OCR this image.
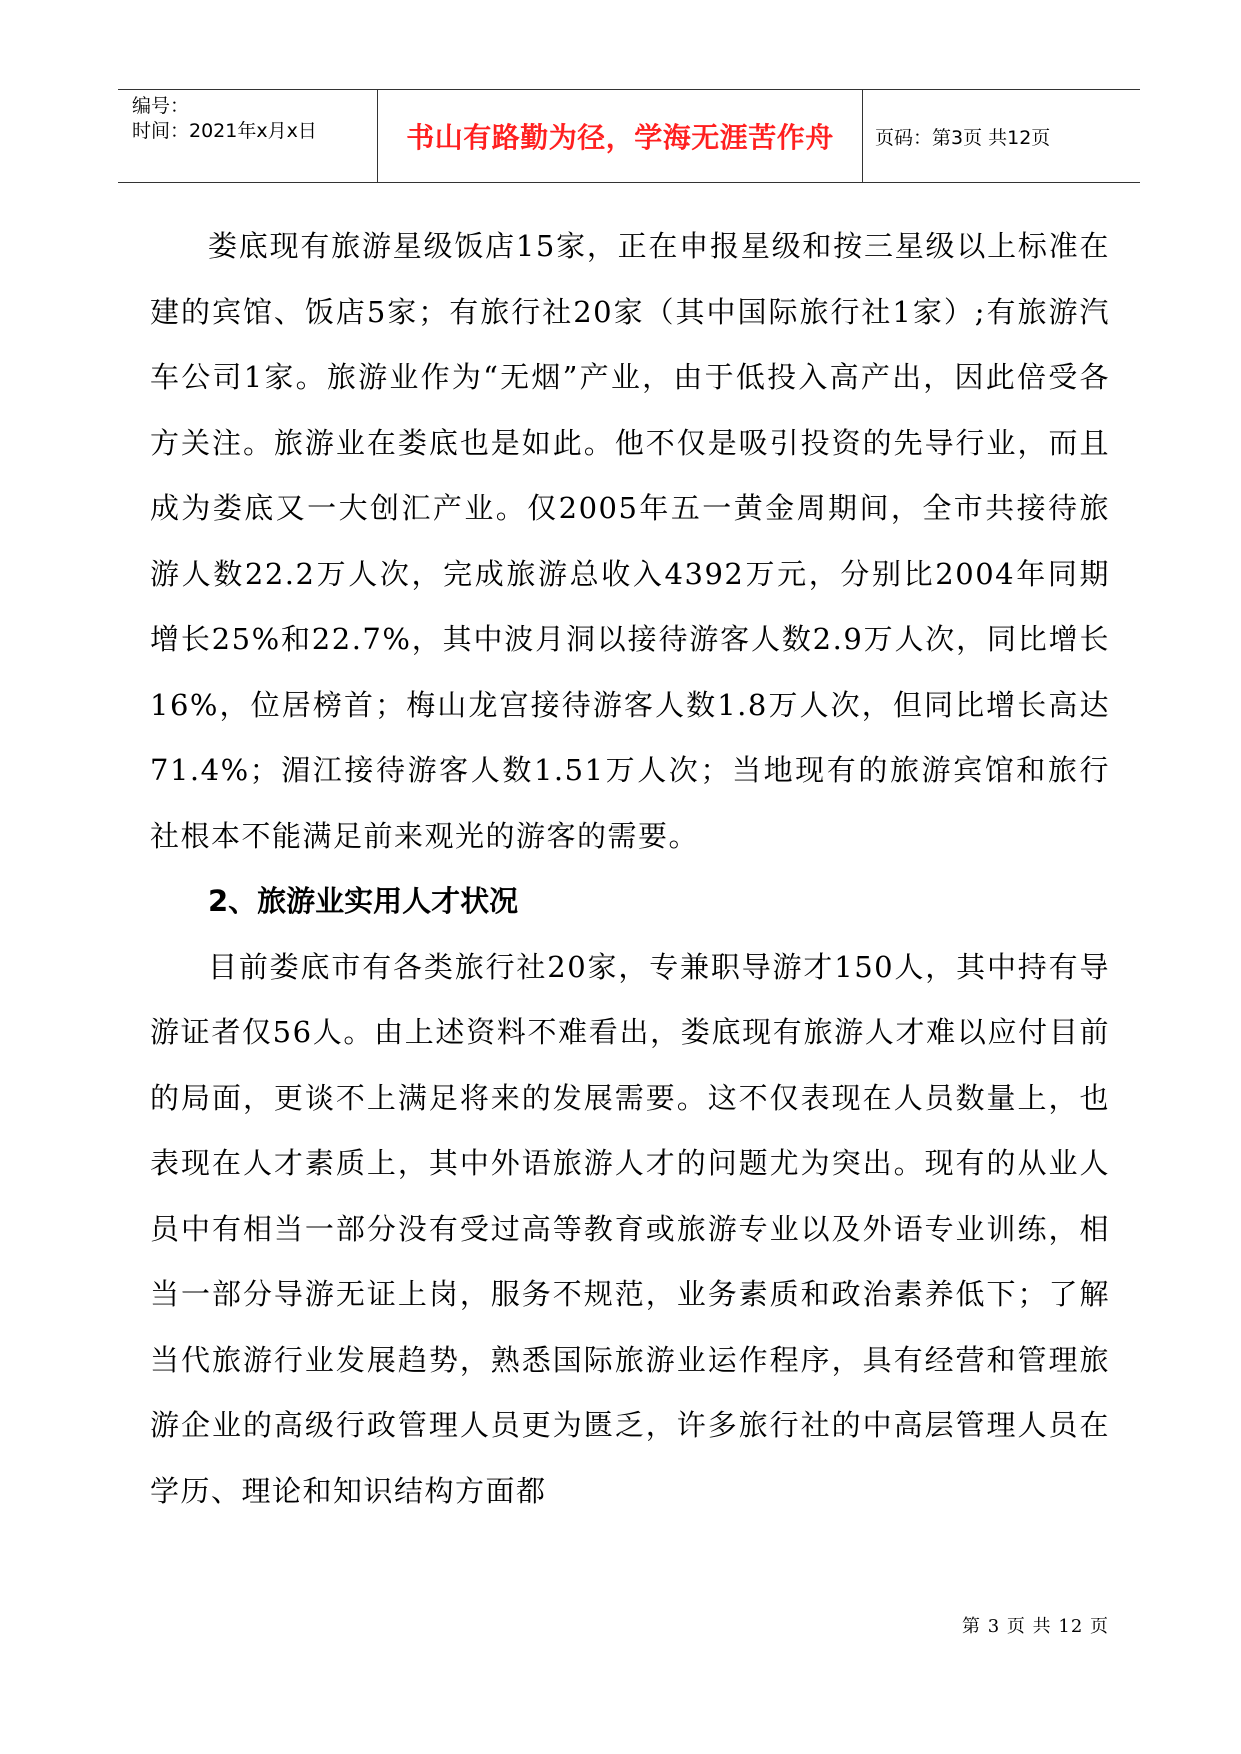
编号：
时间：2021年x月x日	书山有路勤为径，学海无涯苦作舟 页码：第3页 共12页

娄底现有旅游星级饭店15家，正在申报星级和按三星级以上标准在建的宾馆、饭店5家；有旅行社20家（其中国际旅行社1家）;有旅游汽车公司1家。旅游业作为“无烟”产业，由于低投入高产出，因此倍受各方关注。旅游业在娄底也是如此。他不仅是吸引投资的先导行业，而且成为娄底又一大创汇产业。仅2005年五一黄金周期间，全市共接待旅游人数22.2万人次，完成旅游总收入4392万元，分别比2004年同期增长25%和22.7%，其中波月洞以接待游客人数2.9万人次，同比增长16%，位居榜首；梅山龙宫接待游客人数1.8万人次，但同比增长高达71.4%；湄江接待游客人数1.51万人次；当地现有的旅游宾馆和旅行社根本不能满足前来观光的游客的需要。

2、旅游业实用人才状况

目前娄底市有各类旅行社20家，专兼职导游才150人，其中持有导游证者仅56人。由上述资料不难看出，娄底现有旅游人才难以应付目前的局面，更谈不上满足将来的发展需要。这不仅表现在人员数量上，也表现在人才素质上，其中外语旅游人才的问题尤为突出。现有的从业人员中有相当一部分没有受过高等教育或旅游专业以及外语专业训练，相当一部分导游无证上岗，服务不规范，业务素质和政治素养低下；了解当代旅游行业发展趋势，熟悉国际旅游业运作程序，具有经营和管理旅游企业的高级行政管理人员更为匮乏，许多旅行社的中高层管理人员在学历、理论和知识结构方面都

第 3 页 共 12 页
